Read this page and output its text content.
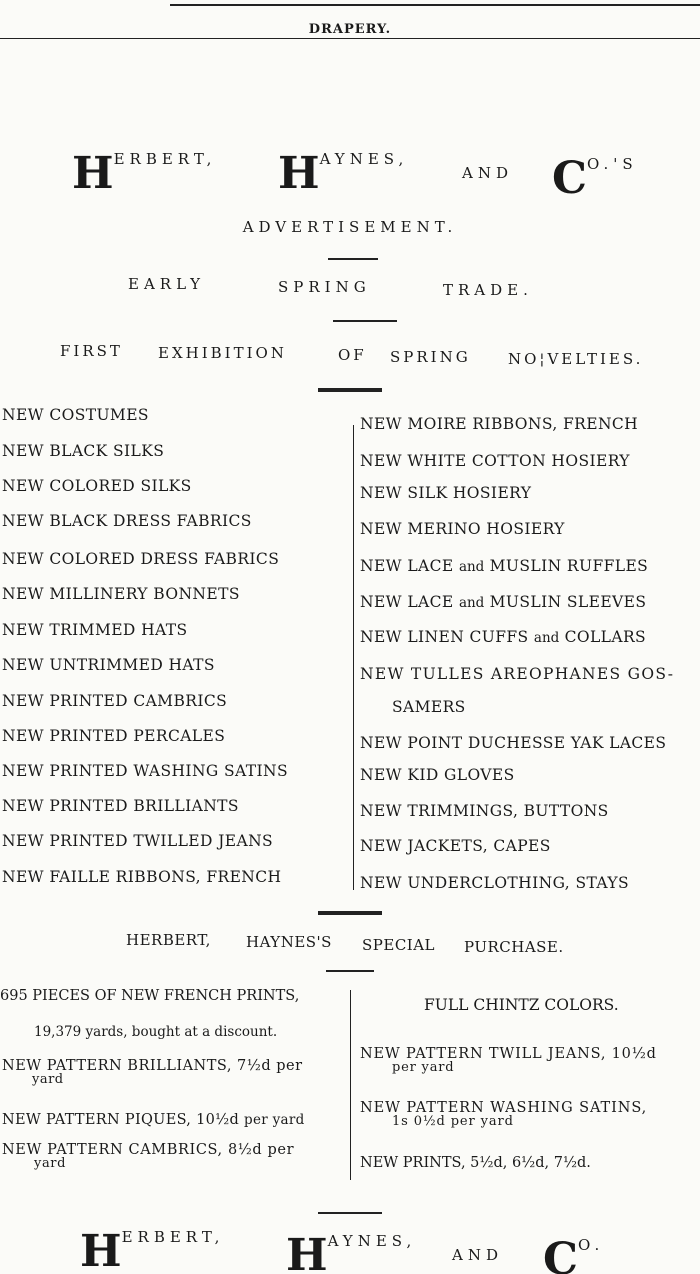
DRAPERY.
HERBERT, HAYNES,
AND CO.'S
ADVERTISEMENT.
EARLY	SPRING	TRADE.
FIRST EXHIBITION	OF SPRING NO¦VELTIES.
NEW COSTUMES
NEW BLACK SILKS
NEW COLORED SILKS
NEW BLACK DRESS FABRICS
NEW COLORED DRESS FABRICS
NEW MILLINERY BONNETS
NEW TRIMMED HATS
NEW UNTRIMMED HATS
NEW PRINTED CAMBRICS
NEW PRINTED PERCALES
NEW PRINTED WASHING SATINS
NEW PRINTED BRILLIANTS
NEW PRINTED TWILLED JEANS
NEW FAILLE RIBBONS, FRENCH
NEW MOIRE RIBBONS, FRENCH
NEW WHITE COTTON HOSIERY
NEW SILK HOSIERY
NEW MERINO HOSIERY
NEW LACE and MUSLIN RUFFLES
NEW LACE and MUSLIN SLEEVES
NEW LINEN CUFFS and COLLARS
NEW TULLES AREOPHANES GOS-
SAMERS
NEW POINT DUCHESSE YAK LACES
NEW KID GLOVES
NEW TRIMMINGS, BUTTONS
NEW JACKETS, CAPES
NEW UNDERCLOTHING, STAYS
HERBERT, HAYNES'S SPECIAL PURCHASE.
695 PIECES OF NEW FRENCH PRINTS,
19,379 yards, bought at a discount.
FULL CHINTZ COLORS.
NEW PATTERN BRILLIANTS, 7½d per
yard
NEW PATTERN PIQUES, 10½d per yard
NEW PATTERN CAMBRICS, 8½d per
yard
NEW PATTERN TWILL JEANS, 10½d
per yard
NEW PATTERN WASHING SATINS,
1s 0½d per yard
NEW PRINTS, 5½d, 6½d, 7½d.
HERBERT, HAYNES,
AND CO.
